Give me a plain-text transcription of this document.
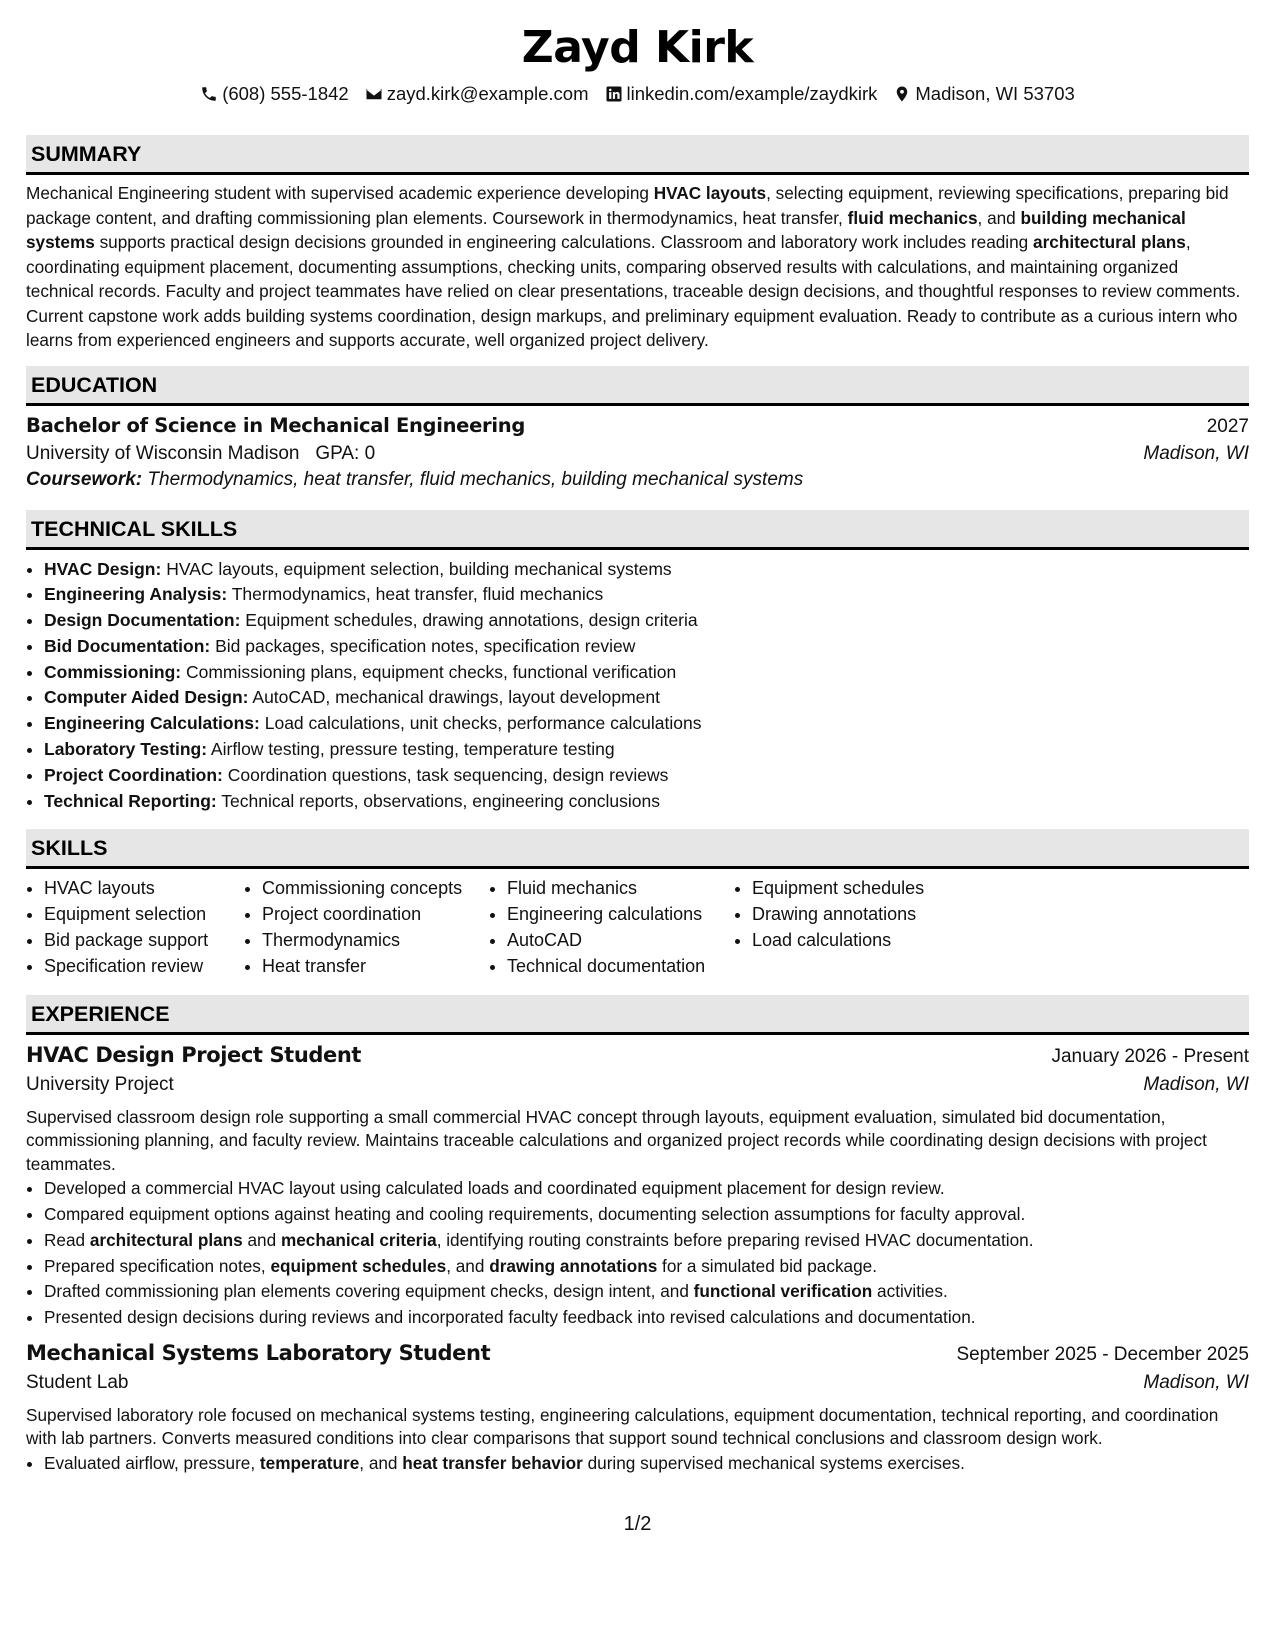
Zayd Kirk
(608) 555-1842 zayd.kirk@example.com linkedin.com/example/zaydkirk Madison, WI 53703
SUMMARY

Mechanical Engineering student with supervised academic experience developing HVAC layouts, selecting equipment, reviewing specifications, preparing bid package content, and drafting commissioning plan elements. Coursework in thermodynamics, heat transfer, fluid mechanics, and building mechanical systems supports practical design decisions grounded in engineering calculations. Classroom and laboratory work includes reading architectural plans, coordinating equipment placement, documenting assumptions, checking units, comparing observed results with calculations, and maintaining organized technical records. Faculty and project teammates have relied on clear presentations, traceable design decisions, and thoughtful responses to review comments. Current capstone work adds building systems coordination, design markups, and preliminary equipment evaluation. Ready to contribute as a curious intern who learns from experienced engineers and supports accurate, well organized project delivery.

EDUCATION
Bachelor of Science in Mechanical Engineering	2027
University of Wisconsin Madison GPA: 0	Madison, WI
Coursework: Thermodynamics, heat transfer, fluid mechanics, building mechanical systems
TECHNICAL SKILLS
• HVAC Design: HVAC layouts, equipment selection, building mechanical systems
• Engineering Analysis: Thermodynamics, heat transfer, fluid mechanics
• Design Documentation: Equipment schedules, drawing annotations, design criteria
• Bid Documentation: Bid packages, specification notes, specification review
• Commissioning: Commissioning plans, equipment checks, functional verification
• Computer Aided Design: AutoCAD, mechanical drawings, layout development
• Engineering Calculations: Load calculations, unit checks, performance calculations
• Laboratory Testing: Airflow testing, pressure testing, temperature testing
• Project Coordination: Coordination questions, task sequencing, design reviews
• Technical Reporting: Technical reports, observations, engineering conclusions
SKILLS
• HVAC layouts
• Equipment selection
• Bid package support
• Specification review
• Commissioning concepts
• Project coordination
• Thermodynamics
• Heat transfer
• Fluid mechanics
• Engineering calculations
• AutoCAD
• Technical documentation
• Equipment schedules
• Drawing annotations
• Load calculations
EXPERIENCE
HVAC Design Project Student	January 2026 - Present
University Project	Madison, WI
Supervised classroom design role supporting a small commercial HVAC concept through layouts, equipment evaluation, simulated bid documentation, commissioning planning, and faculty review. Maintains traceable calculations and organized project records while coordinating design decisions with project teammates.
• Developed a commercial HVAC layout using calculated loads and coordinated equipment placement for design review.
• Compared equipment options against heating and cooling requirements, documenting selection assumptions for faculty approval.
• Read architectural plans and mechanical criteria, identifying routing constraints before preparing revised HVAC documentation.
• Prepared specification notes, equipment schedules, and drawing annotations for a simulated bid package.
• Drafted commissioning plan elements covering equipment checks, design intent, and functional verification activities.
• Presented design decisions during reviews and incorporated faculty feedback into revised calculations and documentation.
Mechanical Systems Laboratory Student	September 2025 - December 2025
Student Lab	Madison, WI
Supervised laboratory role focused on mechanical systems testing, engineering calculations, equipment documentation, technical reporting, and coordination with lab partners. Converts measured conditions into clear comparisons that support sound technical conclusions and classroom design work.
• Evaluated airflow, pressure, temperature, and heat transfer behavior during supervised mechanical systems exercises.
1/2
